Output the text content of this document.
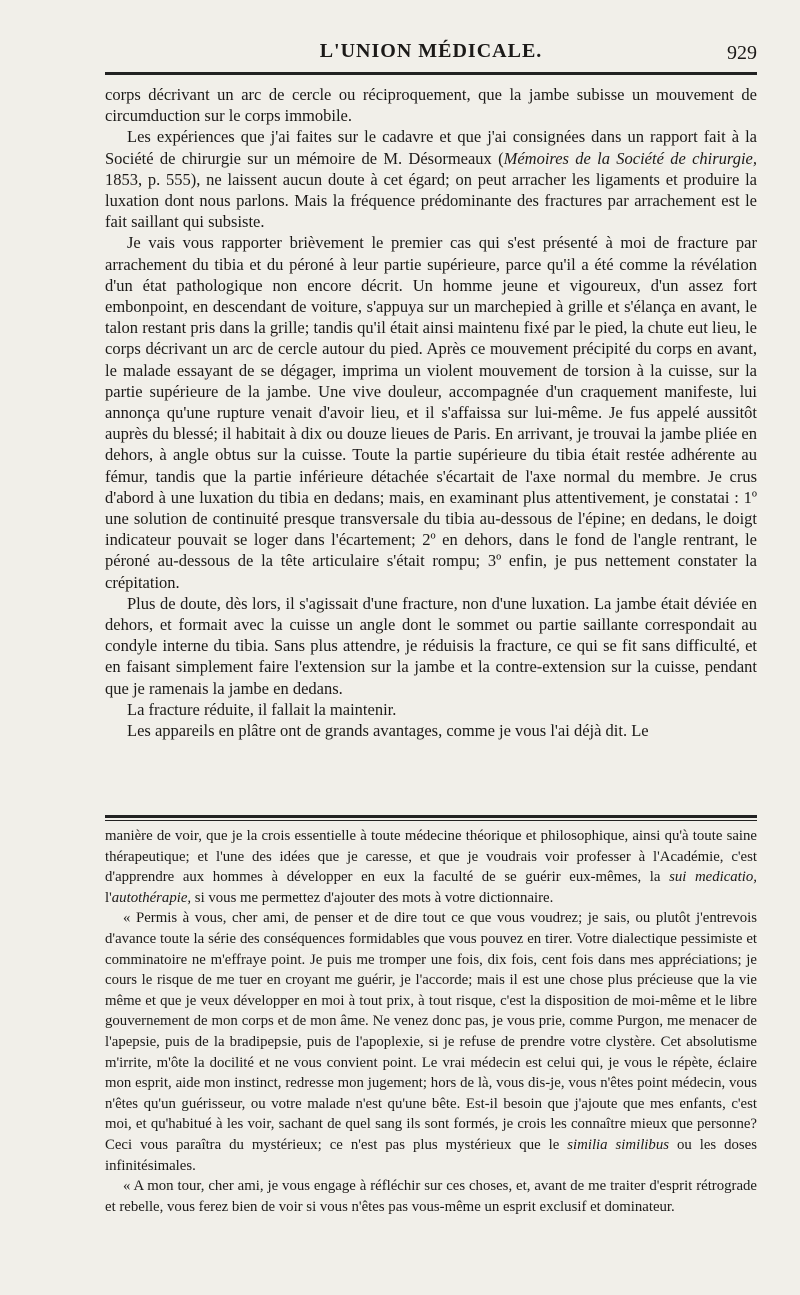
L'UNION MÉDICALE.	929

corps décrivant un arc de cercle ou réciproquement, que la jambe subisse un mouvement de circumduction sur le corps immobile.

Les expériences que j'ai faites sur le cadavre et que j'ai consignées dans un rapport fait à la Société de chirurgie sur un mémoire de M. Désormeaux (Mémoires de la Société de chirurgie, 1853, p. 555), ne laissent aucun doute à cet égard; on peut arracher les ligaments et produire la luxation dont nous parlons. Mais la fréquence prédominante des fractures par arrachement est le fait saillant qui subsiste.

Je vais vous rapporter brièvement le premier cas qui s'est présenté à moi de fracture par arrachement du tibia et du péroné à leur partie supérieure, parce qu'il a été comme la révélation d'un état pathologique non encore décrit. Un homme jeune et vigoureux, d'un assez fort embonpoint, en descendant de voiture, s'appuya sur un marchepied à grille et s'élança en avant, le talon restant pris dans la grille; tandis qu'il était ainsi maintenu fixé par le pied, la chute eut lieu, le corps décrivant un arc de cercle autour du pied. Après ce mouvement précipité du corps en avant, le malade essayant de se dégager, imprima un violent mouvement de torsion à la cuisse, sur la partie supérieure de la jambe. Une vive douleur, accompagnée d'un craquement manifeste, lui annonça qu'une rupture venait d'avoir lieu, et il s'affaissa sur lui-même. Je fus appelé aussitôt auprès du blessé; il habitait à dix ou douze lieues de Paris. En arrivant, je trouvai la jambe pliée en dehors, à angle obtus sur la cuisse. Toute la partie supérieure du tibia était restée adhérente au fémur, tandis que la partie inférieure détachée s'écartait de l'axe normal du membre. Je crus d'abord à une luxation du tibia en dedans; mais, en examinant plus attentivement, je constatai : 1º une solution de continuité presque transversale du tibia au-dessous de l'épine; en dedans, le doigt indicateur pouvait se loger dans l'écartement; 2º en dehors, dans le fond de l'angle rentrant, le péroné au-dessous de la tête articulaire s'était rompu; 3º enfin, je pus nettement constater la crépitation.

Plus de doute, dès lors, il s'agissait d'une fracture, non d'une luxation. La jambe était déviée en dehors, et formait avec la cuisse un angle dont le sommet ou partie saillante correspondait au condyle interne du tibia. Sans plus attendre, je réduisis la fracture, ce qui se fit sans difficulté, et en faisant simplement faire l'extension sur la jambe et la contre-extension sur la cuisse, pendant que je ramenais la jambe en dedans.

La fracture réduite, il fallait la maintenir.

Les appareils en plâtre ont de grands avantages, comme je vous l'ai déjà dit. Le

manière de voir, que je la crois essentielle à toute médecine théorique et philosophique, ainsi qu'à toute saine thérapeutique; et l'une des idées que je caresse, et que je voudrais voir professer à l'Académie, c'est d'apprendre aux hommes à développer en eux la faculté de se guérir eux-mêmes, la sui medicatio, l'autothérapie, si vous me permettez d'ajouter des mots à votre dictionnaire.

« Permis à vous, cher ami, de penser et de dire tout ce que vous voudrez; je sais, ou plutôt j'entrevois d'avance toute la série des conséquences formidables que vous pouvez en tirer. Votre dialectique pessimiste et comminatoire ne m'effraye point. Je puis me tromper une fois, dix fois, cent fois dans mes appréciations; je cours le risque de me tuer en croyant me guérir, je l'accorde; mais il est une chose plus précieuse que la vie même et que je veux développer en moi à tout prix, à tout risque, c'est la disposition de moi-même et le libre gouvernement de mon corps et de mon âme. Ne venez donc pas, je vous prie, comme Purgon, me menacer de l'apepsie, puis de la bradipepsie, puis de l'apoplexie, si je refuse de prendre votre clystère. Cet absolutisme m'irrite, m'ôte la docilité et ne vous convient point. Le vrai médecin est celui qui, je vous le répète, éclaire mon esprit, aide mon instinct, redresse mon jugement; hors de là, vous dis-je, vous n'êtes point médecin, vous n'êtes qu'un guérisseur, ou votre malade n'est qu'une bête. Est-il besoin que j'ajoute que mes enfants, c'est moi, et qu'habitué à les voir, sachant de quel sang ils sont formés, je crois les connaître mieux que personne? Ceci vous paraîtra du mystérieux; ce n'est pas plus mystérieux que le similia similibus ou les doses infinitésimales.

« A mon tour, cher ami, je vous engage à réfléchir sur ces choses, et, avant de me traiter d'esprit rétrograde et rebelle, vous ferez bien de voir si vous n'êtes pas vous-même un esprit exclusif et dominateur.
